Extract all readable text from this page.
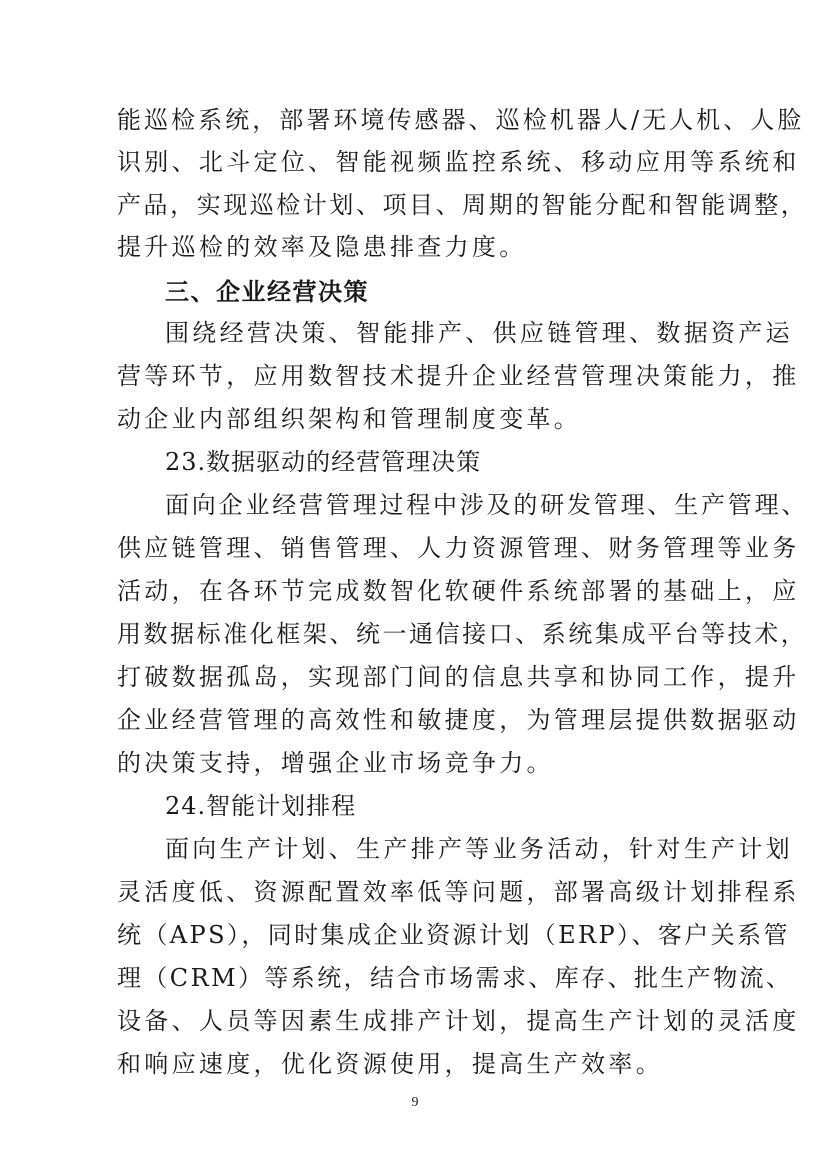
能巡检系统，部署环境传感器、巡检机器人/无人机、人脸
识别、北斗定位、智能视频监控系统、移动应用等系统和
产品，实现巡检计划、项目、周期的智能分配和智能调整，
提升巡检的效率及隐患排查力度。
三、企业经营决策
围绕经营决策、智能排产、供应链管理、数据资产运
营等环节，应用数智技术提升企业经营管理决策能力，推
动企业内部组织架构和管理制度变革。
23.数据驱动的经营管理决策
面向企业经营管理过程中涉及的研发管理、生产管理、
供应链管理、销售管理、人力资源管理、财务管理等业务
活动，在各环节完成数智化软硬件系统部署的基础上，应
用数据标准化框架、统一通信接口、系统集成平台等技术，
打破数据孤岛，实现部门间的信息共享和协同工作，提升
企业经营管理的高效性和敏捷度，为管理层提供数据驱动
的决策支持，增强企业市场竞争力。
24.智能计划排程
面向生产计划、生产排产等业务活动，针对生产计划
灵活度低、资源配置效率低等问题，部署高级计划排程系
统（APS），同时集成企业资源计划（ERP）、客户关系管
理（CRM）等系统，结合市场需求、库存、批生产物流、
设备、人员等因素生成排产计划，提高生产计划的灵活度
和响应速度，优化资源使用，提高生产效率。
9
